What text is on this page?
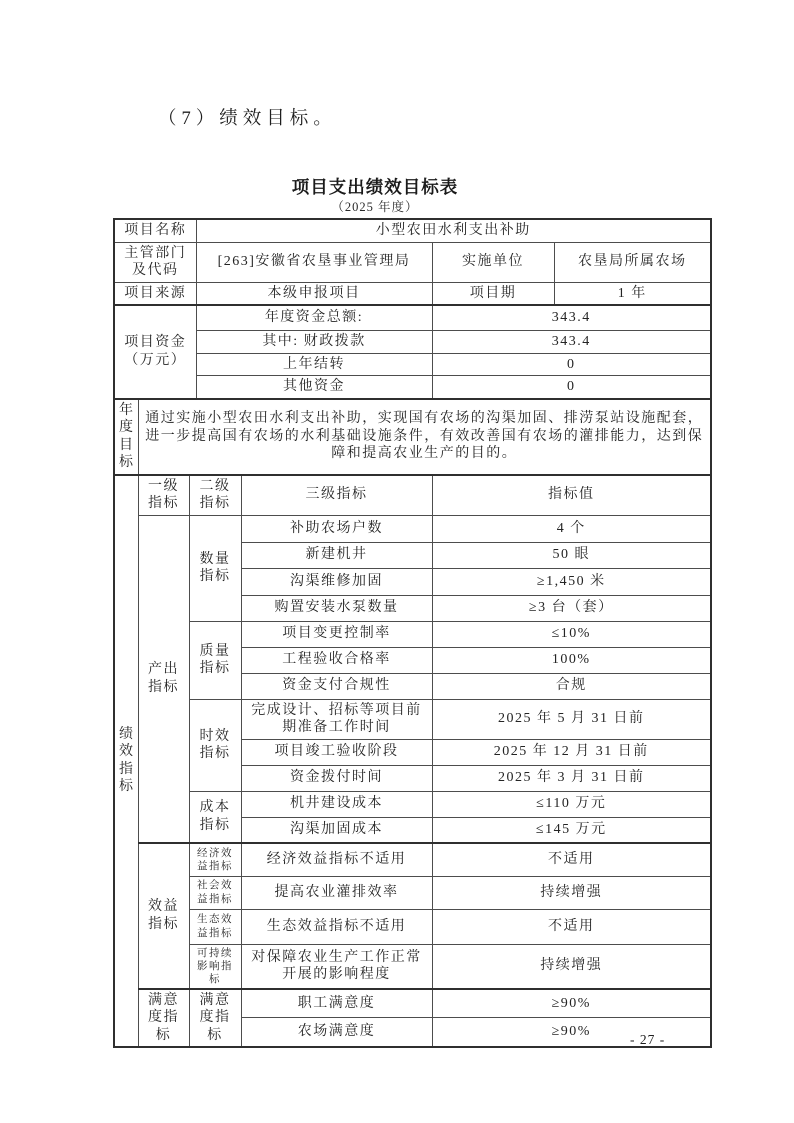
（7）绩效目标。
项目支出绩效目标表
（2025 年度）
项目名称			小型农田水利支出补助			
主管部门及代码			[263]安徽省农垦事业管理局		实施单位	农垦局所属农场
项目来源			本级申报项目		项目期	1 年
项目资金（万元）			年度资金总额:		343.4	
			其中: 财政拨款		343.4	
			上年结转		0	
			其他资金		0	
年度目标	通过实施小型农田水利支出补助，实现国有农场的沟渠加固、排涝泵站设施配套，进一步提高国有农场的水利基础设施条件，有效改善国有农场的灌排能力，达到保障和提高农业生产的目的。					
绩效指标	一级指标	二级指标		三级指标	指标值	
	产出指标	数量指标		补助农场户数	4 个	
				新建机井	50 眼	
				沟渠维修加固	≥1,450 米	
				购置安装水泵数量	≥3 台（套）	
		质量指标		项目变更控制率	≤10%	
				工程验收合格率	100%	
				资金支付合规性	合规	
		时效指标		完成设计、招标等项目前期准备工作时间	2025 年 5 月 31 日前	
				项目竣工验收阶段	2025 年 12 月 31 日前	
				资金拨付时间	2025 年 3 月 31 日前	
		成本指标		机井建设成本	≤110 万元	
				沟渠加固成本	≤145 万元	
	效益指标	经济效益指标		经济效益指标不适用	不适用	
		社会效益指标		提高农业灌排效率	持续增强	
		生态效益指标		生态效益指标不适用	不适用	
		可持续影响指标		对保障农业生产工作正常开展的影响程度	持续增强	
	满意度指标	满意度指标		职工满意度	≥90%	
				农场满意度	≥90%	
- 27 -
